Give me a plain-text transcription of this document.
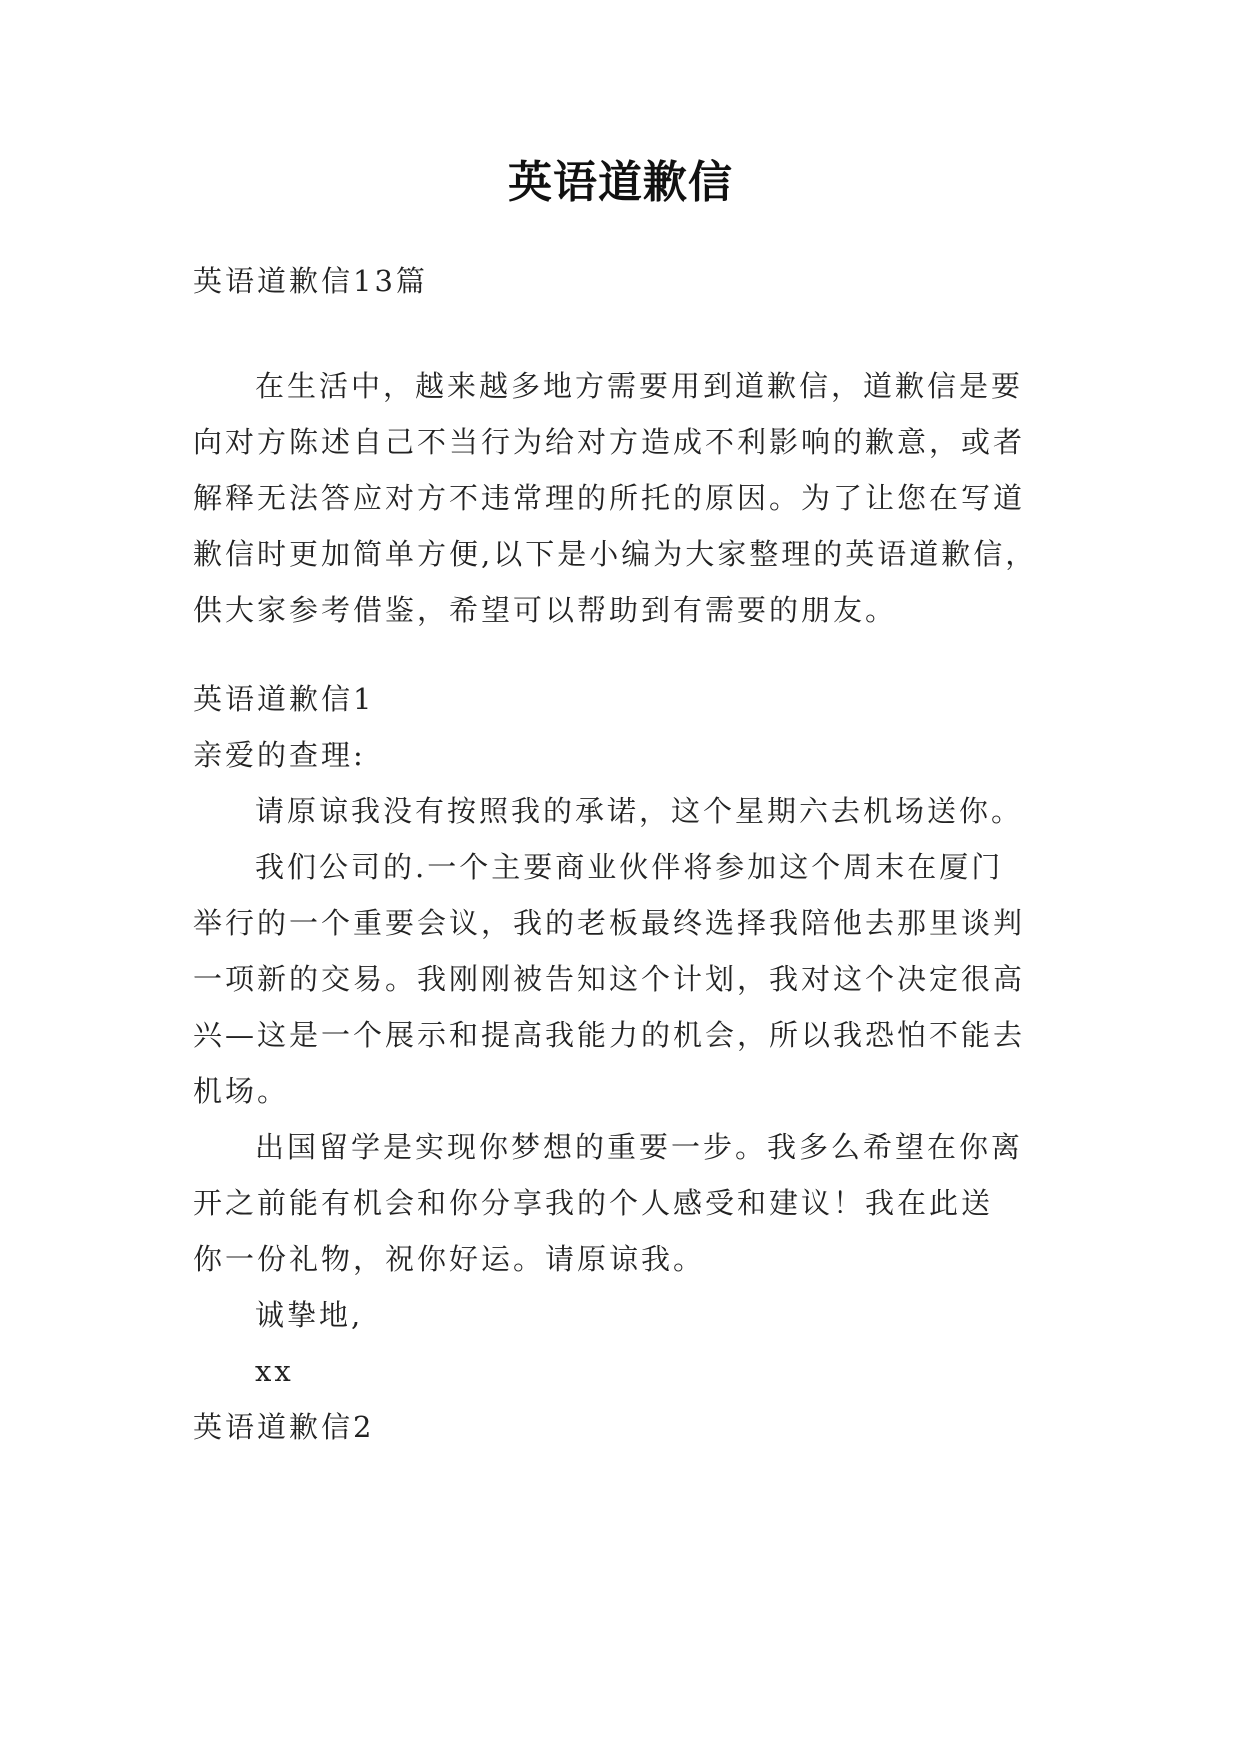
英语道歉信
英语道歉信13篇
在生活中，越来越多地方需要用到道歉信，道歉信是要
向对方陈述自己不当行为给对方造成不利影响的歉意，或者
解释无法答应对方不违常理的所托的原因。为了让您在写道
歉信时更加简单方便,以下是小编为大家整理的英语道歉信，
供大家参考借鉴，希望可以帮助到有需要的朋友。
英语道歉信1
亲爱的查理:
请原谅我没有按照我的承诺，这个星期六去机场送你。
我们公司的.一个主要商业伙伴将参加这个周末在厦门
举行的一个重要会议，我的老板最终选择我陪他去那里谈判
一项新的交易。我刚刚被告知这个计划，我对这个决定很高
兴—这是一个展示和提高我能力的机会，所以我恐怕不能去
机场。
出国留学是实现你梦想的重要一步。我多么希望在你离
开之前能有机会和你分享我的个人感受和建议！我在此送
你一份礼物，祝你好运。请原谅我。
诚挚地,
xx
英语道歉信2
